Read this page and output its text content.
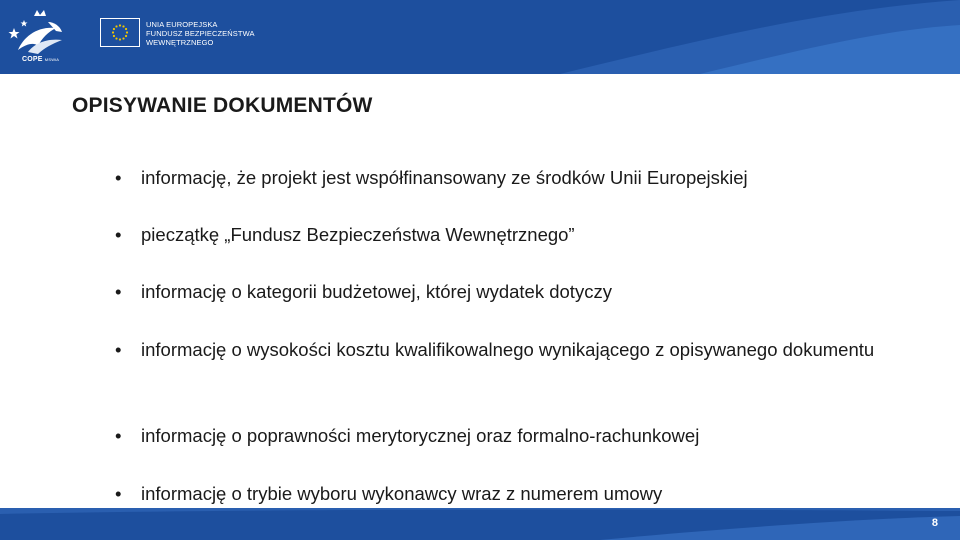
COPE MSWiA
UNIA EUROPEJSKA
FUNDUSZ BEZPIECZEŃSTWA
WEWNĘTRZNEGO
OPISYWANIE DOKUMENTÓW
• informację, że projekt jest współfinansowany ze środków Unii Europejskiej
• pieczątkę „Fundusz Bezpieczeństwa Wewnętrznego”
• informację o kategorii budżetowej, której wydatek dotyczy
• informację o wysokości kosztu kwalifikowalnego wynikającego z opisywanego dokumentu
• informację o poprawności merytorycznej oraz formalno-rachunkowej
• informację o trybie wyboru wykonawcy wraz z numerem umowy
8
